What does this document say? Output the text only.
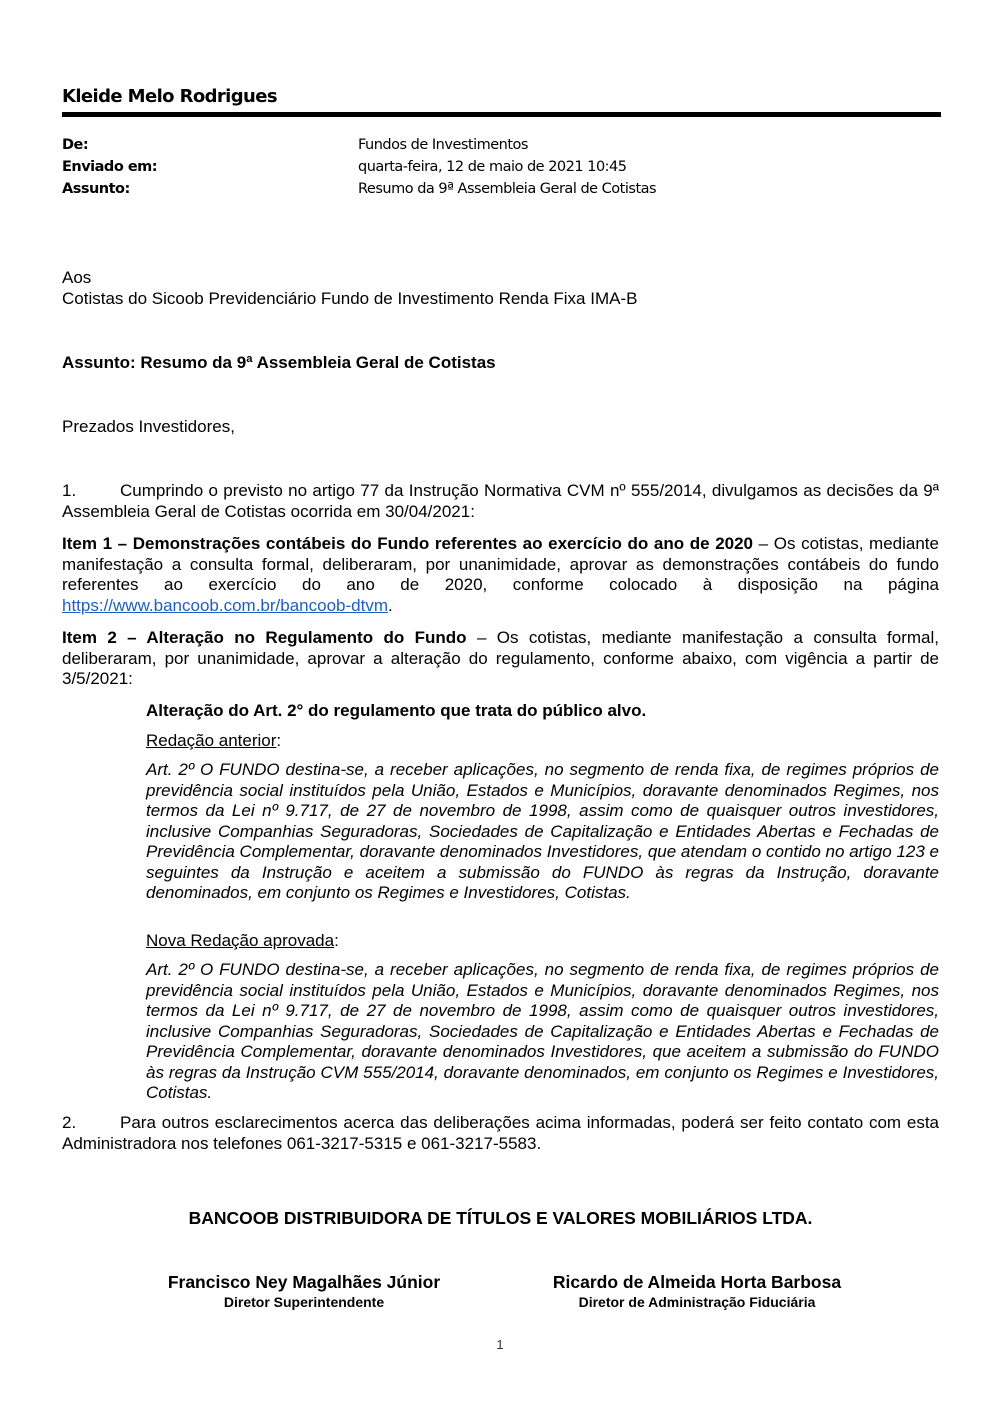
Kleide Melo Rodrigues
De:	Fundos de Investimentos
Enviado em:	quarta-feira, 12 de maio de 2021 10:45
Assunto:	Resumo da 9ª Assembleia Geral de Cotistas
Aos
Cotistas do Sicoob Previdenciário Fundo de Investimento Renda Fixa IMA-B
Assunto: Resumo da 9ª Assembleia Geral de Cotistas
Prezados Investidores,
1.	Cumprindo o previsto no artigo 77 da Instrução Normativa CVM nº 555/2014, divulgamos as decisões da 9ª Assembleia Geral de Cotistas ocorrida em 30/04/2021:
Item 1 – Demonstrações contábeis do Fundo referentes ao exercício do ano de 2020 – Os cotistas, mediante manifestação a consulta formal, deliberaram, por unanimidade, aprovar as demonstrações contábeis do fundo referentes ao exercício do ano de 2020, conforme colocado à disposição na página https://www.bancoob.com.br/bancoob-dtvm.
Item 2 – Alteração no Regulamento do Fundo – Os cotistas, mediante manifestação a consulta formal, deliberaram, por unanimidade, aprovar a alteração do regulamento, conforme abaixo, com vigência a partir de 3/5/2021:
Alteração do Art. 2° do regulamento que trata do público alvo.
Redação anterior:
Art. 2º O FUNDO destina-se, a receber aplicações, no segmento de renda fixa, de regimes próprios de previdência social instituídos pela União, Estados e Municípios, doravante denominados Regimes, nos termos da Lei nº 9.717, de 27 de novembro de 1998, assim como de quaisquer outros investidores, inclusive Companhias Seguradoras, Sociedades de Capitalização e Entidades Abertas e Fechadas de Previdência Complementar, doravante denominados Investidores, que atendam o contido no artigo 123 e seguintes da Instrução e aceitem a submissão do FUNDO às regras da Instrução, doravante denominados, em conjunto os Regimes e Investidores, Cotistas.
Nova Redação aprovada:
Art. 2º O FUNDO destina-se, a receber aplicações, no segmento de renda fixa, de regimes próprios de previdência social instituídos pela União, Estados e Municípios, doravante denominados Regimes, nos termos da Lei nº 9.717, de 27 de novembro de 1998, assim como de quaisquer outros investidores, inclusive Companhias Seguradoras, Sociedades de Capitalização e Entidades Abertas e Fechadas de Previdência Complementar, doravante denominados Investidores, que aceitem a submissão do FUNDO às regras da Instrução CVM 555/2014, doravante denominados, em conjunto os Regimes e Investidores, Cotistas.
2.	Para outros esclarecimentos acerca das deliberações acima informadas, poderá ser feito contato com esta Administradora nos telefones 061-3217-5315 e 061-3217-5583.
BANCOOB DISTRIBUIDORA DE TÍTULOS E VALORES MOBILIÁRIOS LTDA.
Francisco Ney Magalhães Júnior
Diretor Superintendente
Ricardo de Almeida Horta Barbosa
Diretor de Administração Fiduciária
1
